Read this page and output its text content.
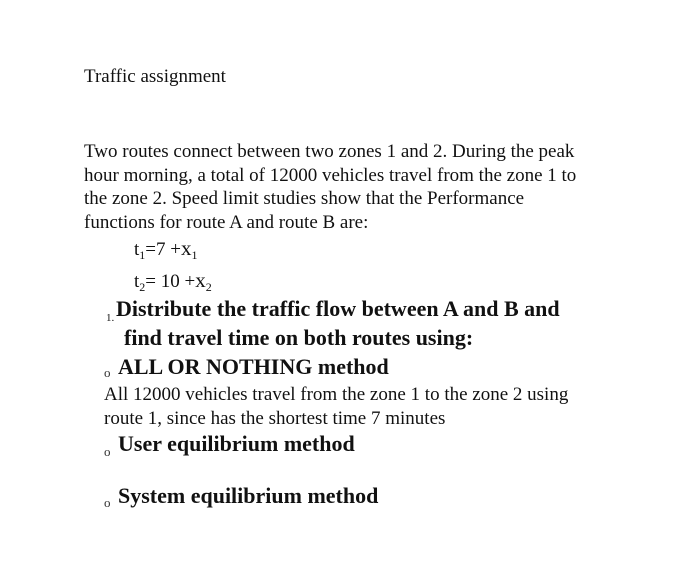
Traffic assignment
Two routes connect between two zones 1 and 2. During the peak
hour morning, a total of 12000 vehicles travel from the zone 1 to
the zone 2. Speed limit studies show that the Performance
functions for route A and route B are:
$t_1=7 +x_1$
$t_2= 10 +x_2$
1. Distribute the traffic flow between A and B and
find travel time on both routes using:
o ALL OR NOTHING method
All 12000 vehicles travel from the zone 1 to the zone 2 using
route 1, since has the shortest time 7 minutes
o User equilibrium method
o System equilibrium method
